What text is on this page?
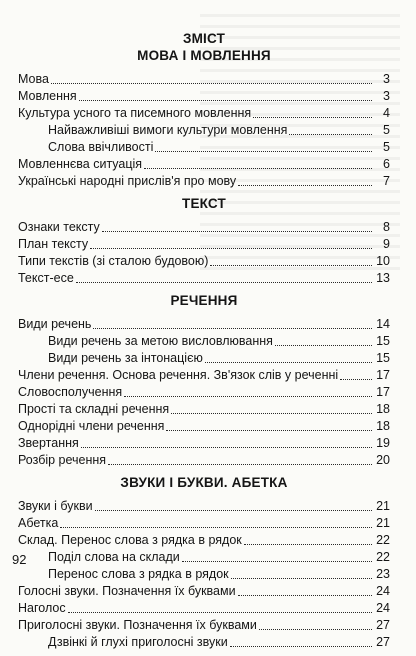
ЗМІСТ
МОВА І МОВЛЕННЯ
Мова	3
Мовлення	3
Культура усного та писемного мовлення	4
Найважливіші вимоги культури мовлення	5
Слова ввічливості	5
Мовленнєва ситуація	6
Українські народні прислів'я про мову	7
ТЕКСТ
Ознаки тексту	8
План тексту	9
Типи текстів (зі сталою будовою)	10
Текст-есе	13
РЕЧЕННЯ
Види речень	14
Види речень за метою висловлювання	15
Види речень за інтонацією	15
Члени речення. Основа речення. Зв'язок слів у реченні	17
Словосполучення	17
Прості та складні речення	18
Однорідні члени речення	18
Звертання	19
Розбір речення	20
ЗВУКИ І БУКВИ. АБЕТКА
Звуки і букви	21
Абетка	21
Склад. Перенос слова з рядка в рядок	22
Поділ слова на склади	22
Перенос слова з рядка в рядок	23
Голосні звуки. Позначення їх буквами	24
Наголос	24
Приголосні звуки. Позначення їх буквами	27
Дзвінкі й глухі приголосні звуки	27
92
